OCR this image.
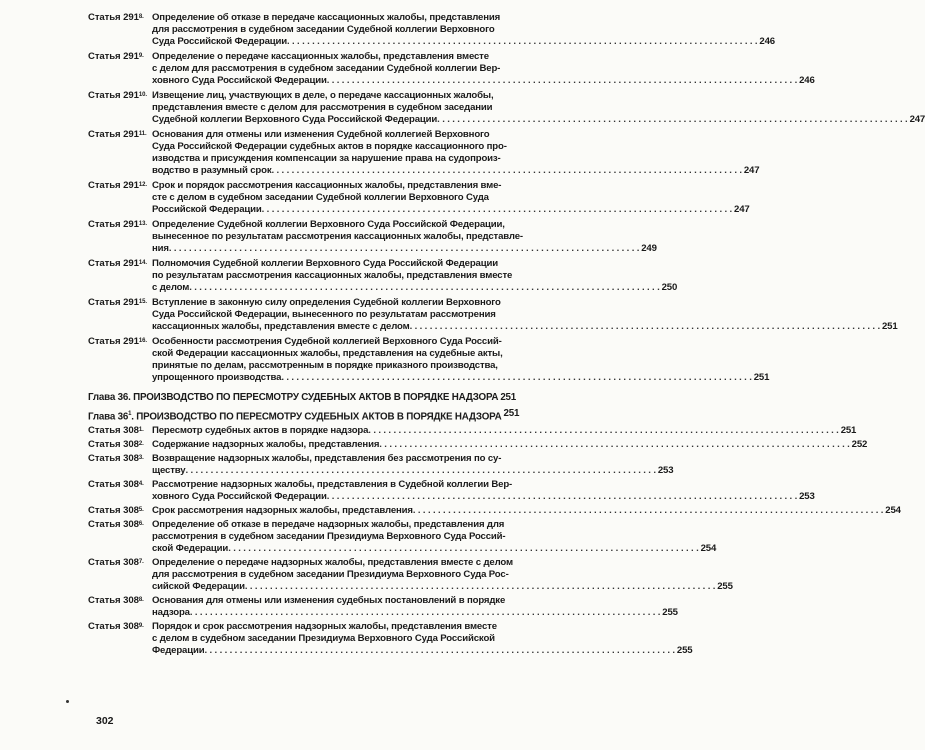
Статья $291^{8.}$ Определение об отказе в передаче кассационных жалобы, представления
для рассмотрения в судебном заседании Судебной коллегии Верховного
Суда Российской Федерации . . .	246
Статья $291^{9.}$ Определение о передаче кассационных жалобы, представления вместе
с делом для рассмотрения в судебном заседании Судебной коллегии Вер-
ховного Суда Российской Федерации . . .	246
Статья $291^{10.}$ Извещение лиц, участвующих в деле, о передаче кассационных жалобы,
представления вместе с делом для рассмотрения в судебном заседании
Судебной коллегии Верховного Суда Российской Федерации . . .	247
Статья $291^{11.}$ Основания для отмены или изменения Судебной коллегией Верховного
Суда Российской Федерации судебных актов в порядке кассационного про-
изводства и присуждения компенсации за нарушение права на судопроиз-
водство в разумный срок . . .	247
Статья $291^{12.}$ Срок и порядок рассмотрения кассационных жалобы, представления вме-
сте с делом в судебном заседании Судебной коллегии Верховного Суда
Российской Федерации . . .	247
Статья $291^{13.}$ Определение Судебной коллегии Верховного Суда Российской Федерации,
вынесенное по результатам рассмотрения кассационных жалобы, представле-
ния . . .	249
Статья $291^{14.}$ Полномочия Судебной коллегии Верховного Суда Российской Федерации
по результатам рассмотрения кассационных жалобы, представления вместе
с делом . . .	250
Статья $291^{15.}$ Вступление в законную силу определения Судебной коллегии Верховного
Суда Российской Федерации, вынесенного по результатам рассмотрения
кассационных жалобы, представления вместе с делом . . .	251
Статья $291^{16.}$ Особенности рассмотрения Судебной коллегией Верховного Суда Россий-
ской Федерации кассационных жалобы, представления на судебные акты,
принятые по делам, рассмотренным в порядке приказного производства,
упрощенного производства . . .	251
Глава 36. ПРОИЗВОДСТВО ПО ПЕРЕСМОТРУ СУДЕБНЫХ АКТОВ В ПОРЯДКЕ НАДЗОРА 251
Глава $36^1$. ПРОИЗВОДСТВО ПО ПЕРЕСМОТРУ СУДЕБНЫХ АКТОВ В ПОРЯДКЕ НАДЗОРА 251
Статья $308^{1.}$ Пересмотр судебных актов в порядке надзора . . .	251
Статья $308^{2.}$ Содержание надзорных жалобы, представления . . .	252
Статья $308^{3.}$ Возвращение надзорных жалобы, представления без рассмотрения по су-
ществу . . .	253
Статья $308^{4.}$ Рассмотрение надзорных жалобы, представления в Судебной коллегии Вер-
ховного Суда Российской Федерации . . .	253
Статья $308^{5.}$ Срок рассмотрения надзорных жалобы, представления . . .	254
Статья $308^{6.}$ Определение об отказе в передаче надзорных жалобы, представления для
рассмотрения в судебном заседании Президиума Верховного Суда Россий-
ской Федерации . . .	254
Статья $308^{7.}$ Определение о передаче надзорных жалобы, представления вместе с делом
для рассмотрения в судебном заседании Президиума Верховного Суда Рос-
сийской Федерации . . .	255
Статья $308^{8.}$ Основания для отмены или изменения судебных постановлений в порядке
надзора . . .	255
Статья $308^{9.}$ Порядок и срок рассмотрения надзорных жалобы, представления вместе
с делом в судебном заседании Президиума Верховного Суда Российской
Федерации . . .	255
302
